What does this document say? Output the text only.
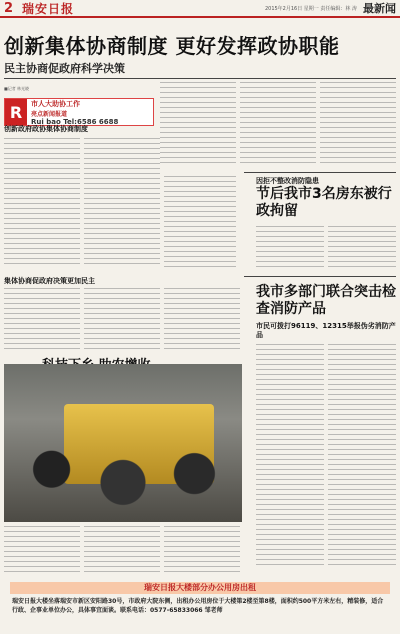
2 瑞安日报	2015年2月16日 星期一 责任编辑：林 涛 最新闻
创新集体协商制度 更好发挥政协职能
民主协商促政府科学决策
■记者 林光晓
R	市人大助协工作
亮点新闻报道
Rui bao Tel:6586 6688
创新政府政协集体协商制度
因拒不整改消防隐患
节后我市3名房东被行政拘留
集体协商促政府决策更加民主
我市多部门联合突击检查消防产品
市民可拨打96119、12315举报伪劣消防产品
瑞安日报大楼部分办公用房出租
瑞安日报大楼坐落瑞安市新区安阳路30号，市政府大院东侧，出租办公用房位于大楼第2楼至第8楼，面积约500平方米左右，精装修，适合行政、企事业单位办公，具体事宜面谈。联系电话：0577-65833066 邹老师
